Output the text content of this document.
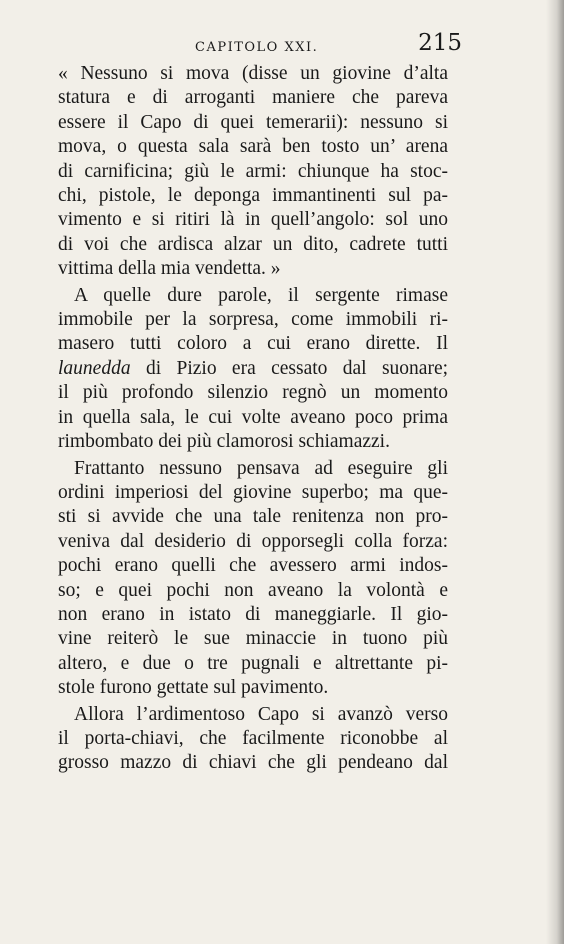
CAPITOLO XXI.	215

« Nessuno si mova (disse un giovine d’alta
statura e di arroganti maniere che pareva
essere il Capo di quei temerarii): nessuno si
mova, o questa sala sarà ben tosto un’ arena
di carnificina; giù le armi: chiunque ha stoc-
chi, pistole, le deponga immantinenti sul pa-
vimento e si ritiri là in quell’angolo: sol uno
di voi che ardisca alzar un dito, cadrete tutti
vittima della mia vendetta. »

A quelle dure parole, il sergente rimase
immobile per la sorpresa, come immobili ri-
masero tutti coloro a cui erano dirette. Il
launedda di Pizio era cessato dal suonare;
il più profondo silenzio regnò un momento
in quella sala, le cui volte aveano poco prima
rimbombato dei più clamorosi schiamazzi.

Frattanto nessuno pensava ad eseguire gli
ordini imperiosi del giovine superbo; ma que-
sti si avvide che una tale renitenza non pro-
veniva dal desiderio di opporsegli colla forza:
pochi erano quelli che avessero armi indos-
so; e quei pochi non aveano la volontà e
non erano in istato di maneggiarle. Il gio-
vine reiterò le sue minaccie in tuono più
altero, e due o tre pugnali e altrettante pi-
stole furono gettate sul pavimento.

Allora l’ardimentoso Capo si avanzò verso
il porta-chiavi, che facilmente riconobbe al
grosso mazzo di chiavi che gli pendeano dal
